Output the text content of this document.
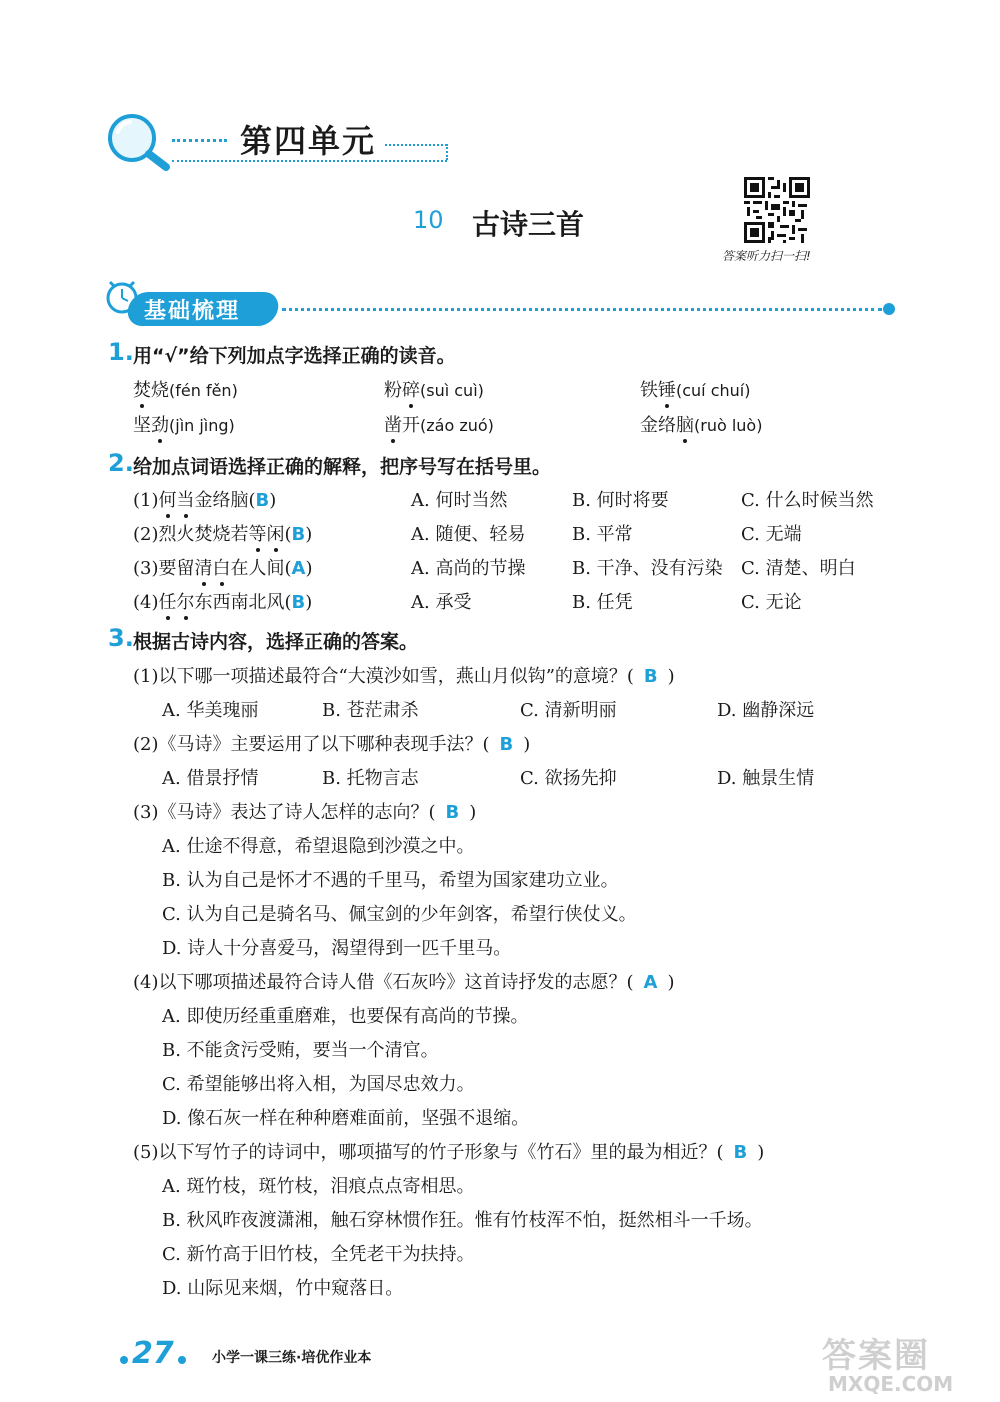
第四单元
10 古诗三首
答案听力扫一扫!
基础梳理
1. 用“√”给下列加点字选择正确的读音。
焚烧(fén fěn)	粉碎(suì cuì)	铁锤(cuí chuí)
坚劲(jìn jìng)	凿开(záo zuó)	金络脑(ruò luò)
2. 给加点词语选择正确的解释，把序号写在括号里。
(1)何当金络脑(B)	A. 何时当然	B. 何时将要	C. 什么时候当然
(2)烈火焚烧若等闲(B)	A. 随便、轻易	B. 平常	C. 无端
(3)要留清白在人间(A)	A. 高尚的节操	B. 干净、没有污染 C. 清楚、明白
(4)任尔东西南北风(B)	A. 承受	B. 任凭	C. 无论
3. 根据古诗内容，选择正确的答案。
(1)以下哪一项描述最符合“大漠沙如雪，燕山月似钩”的意境？( B )
A. 华美瑰丽	B. 苍茫肃杀	C. 清新明丽	D. 幽静深远
(2)《马诗》主要运用了以下哪种表现手法？( B )
A. 借景抒情	B. 托物言志	C. 欲扬先抑	D. 触景生情
(3)《马诗》表达了诗人怎样的志向？( B )
A. 仕途不得意，希望退隐到沙漠之中。
B. 认为自己是怀才不遇的千里马，希望为国家建功立业。
C. 认为自己是骑名马、佩宝剑的少年剑客，希望行侠仗义。
D. 诗人十分喜爱马，渴望得到一匹千里马。
(4)以下哪项描述最符合诗人借《石灰吟》这首诗抒发的志愿？( A )
A. 即使历经重重磨难，也要保有高尚的节操。
B. 不能贪污受贿，要当一个清官。
C. 希望能够出将入相，为国尽忠效力。
D. 像石灰一样在种种磨难面前，坚强不退缩。
(5)以下写竹子的诗词中，哪项描写的竹子形象与《竹石》里的最为相近？( B )
A. 斑竹枝，斑竹枝，泪痕点点寄相思。
B. 秋风昨夜渡潇湘，触石穿林惯作狂。惟有竹枝浑不怕，挺然相斗一千场。
C. 新竹高于旧竹枝，全凭老干为扶持。
D. 山际见来烟，竹中窥落日。
27	小学一课三练·培优作业本	答案圈
MXQE.COM
